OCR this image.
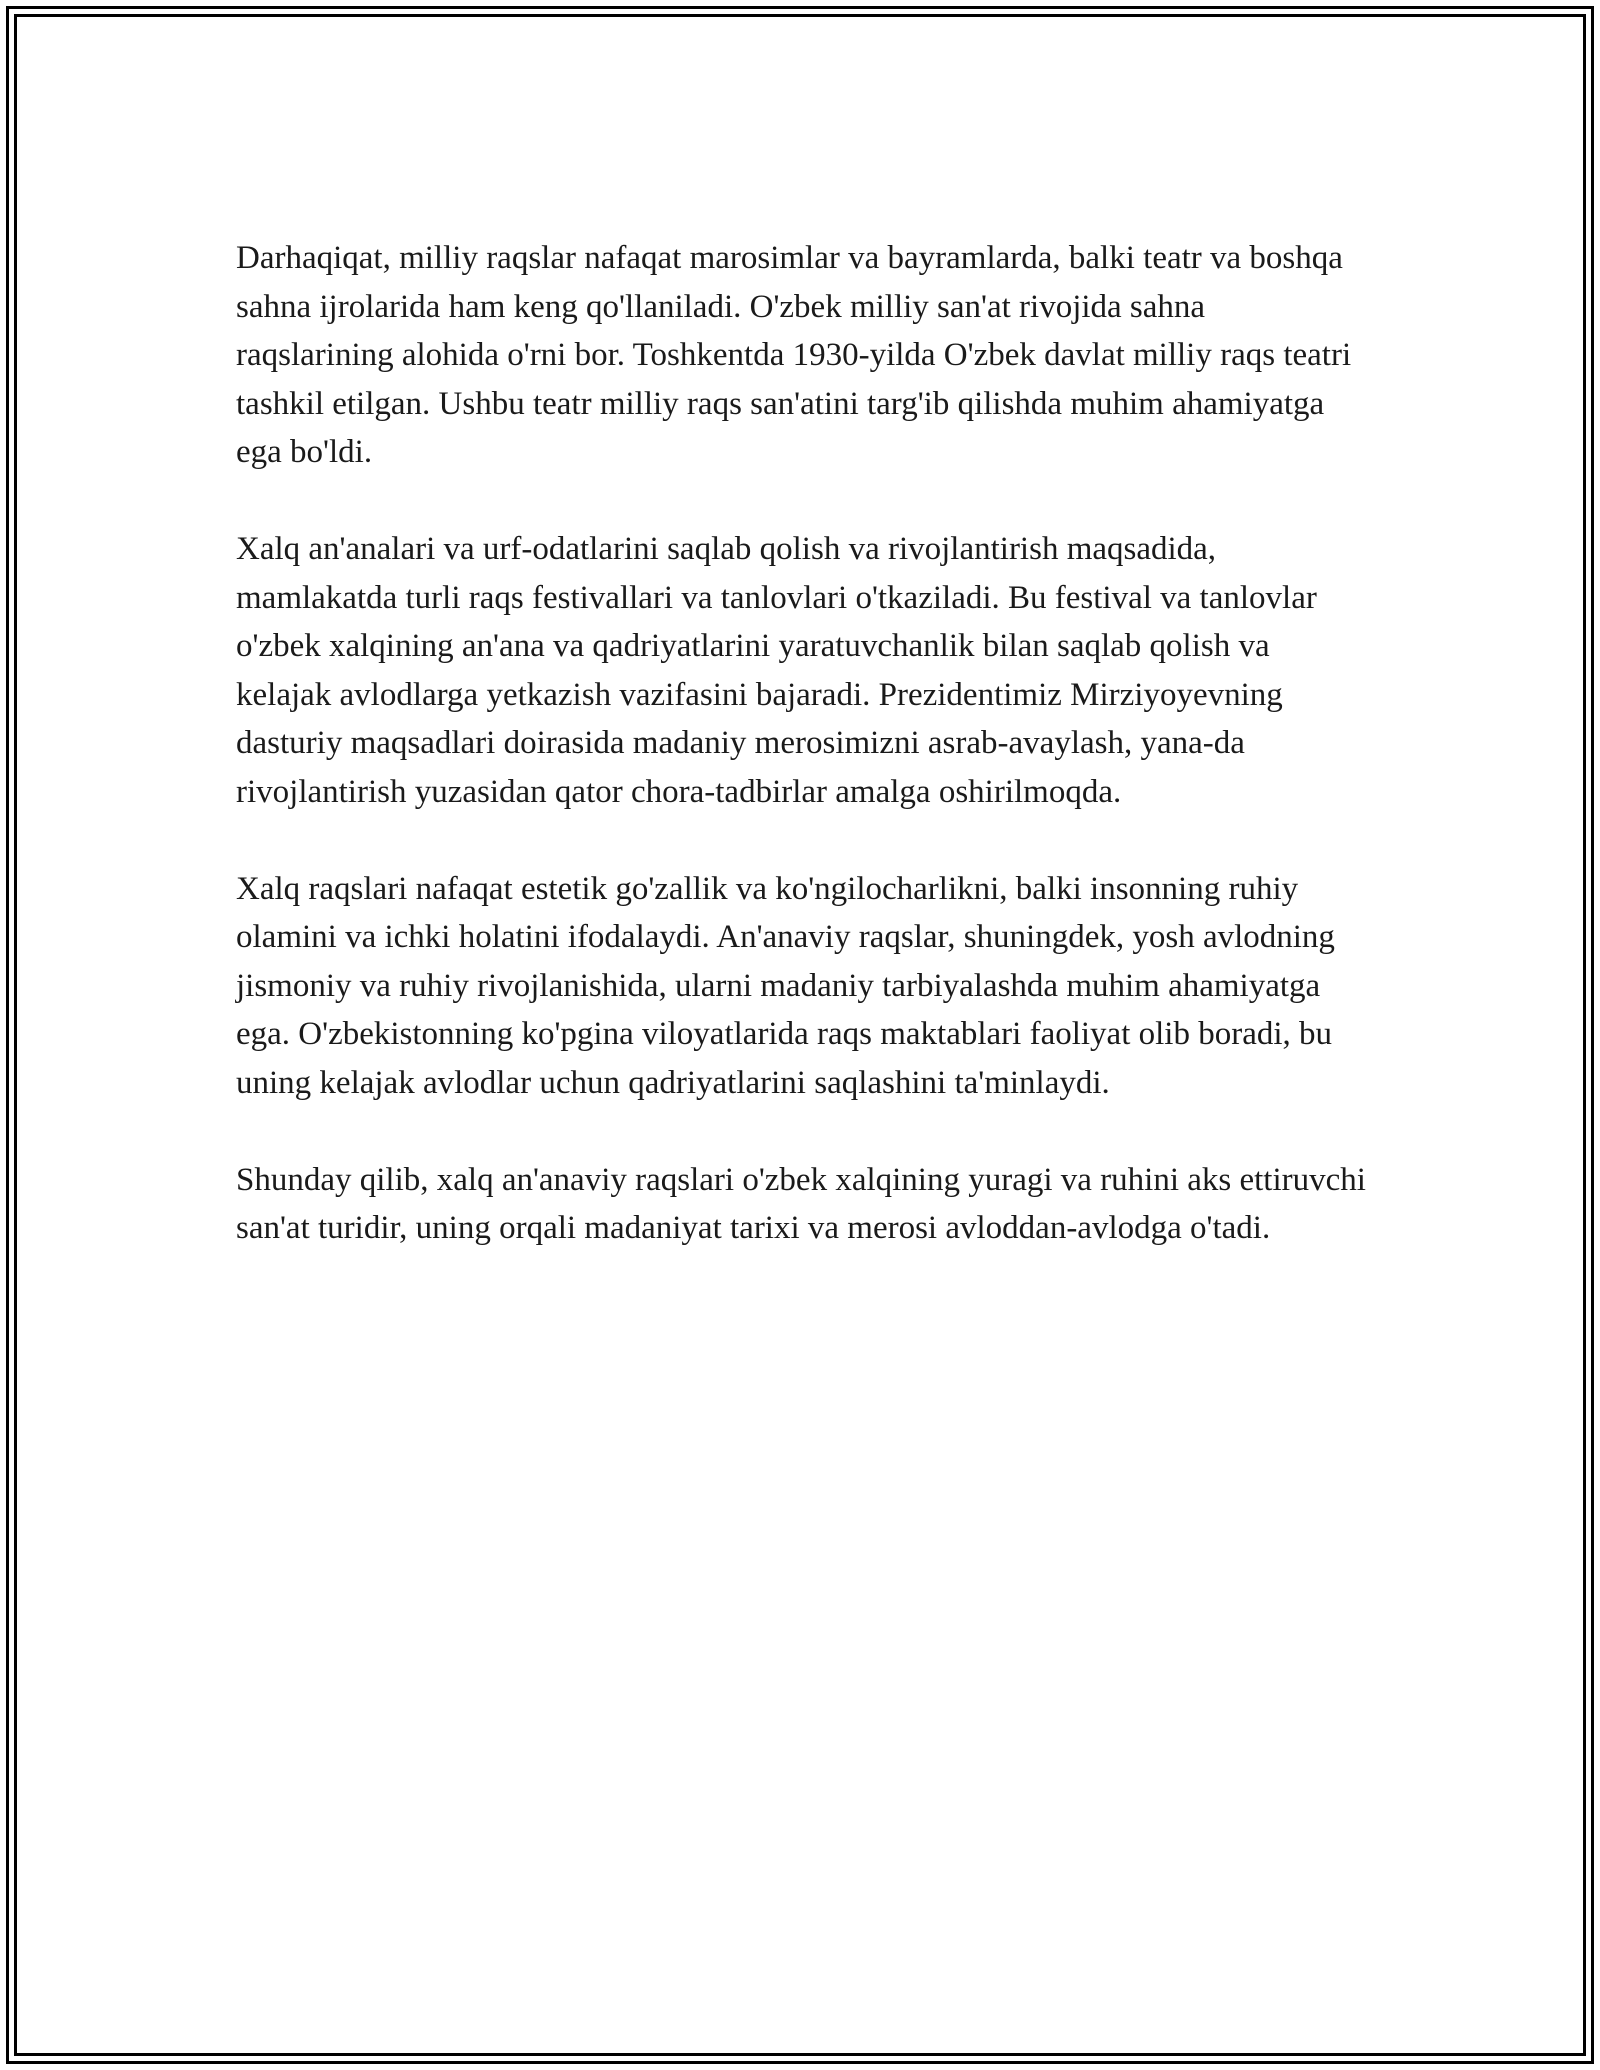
Darhaqiqat, milliy raqslar nafaqat marosimlar va bayramlarda, balki teatr va boshqa sahna ijrolarida ham keng qo'llaniladi. O'zbek milliy san'at rivojida sahna raqslarining alohida o'rni bor. Toshkentda 1930-yilda O'zbek davlat milliy raqs teatri tashkil etilgan. Ushbu teatr milliy raqs san'atini targ'ib qilishda muhim ahamiyatga ega bo'ldi.

Xalq an'analari va urf-odatlarini saqlab qolish va rivojlantirish maqsadida, mamlakatda turli raqs festivallari va tanlovlari o'tkaziladi. Bu festival va tanlovlar o'zbek xalqining an'ana va qadriyatlarini yaratuvchanlik bilan saqlab qolish va kelajak avlodlarga yetkazish vazifasini bajaradi. Prezidentimiz Mirziyoyevning dasturiy maqsadlari doirasida madaniy merosimizni asrab-avaylash, yana-da rivojlantirish yuzasidan qator chora-tadbirlar amalga oshirilmoqda.

Xalq raqslari nafaqat estetik go'zallik va ko'ngilocharlikni, balki insonning ruhiy olamini va ichki holatini ifodalaydi. An'anaviy raqslar, shuningdek, yosh avlodning jismoniy va ruhiy rivojlanishida, ularni madaniy tarbiyalashda muhim ahamiyatga ega. O'zbekistonning ko'pgina viloyatlarida raqs maktablari faoliyat olib boradi, bu uning kelajak avlodlar uchun qadriyatlarini saqlashini ta'minlaydi.

Shunday qilib, xalq an'anaviy raqslari o'zbek xalqining yuragi va ruhini aks ettiruvchi san'at turidir, uning orqali madaniyat tarixi va merosi avloddan-avlodga o'tadi.
